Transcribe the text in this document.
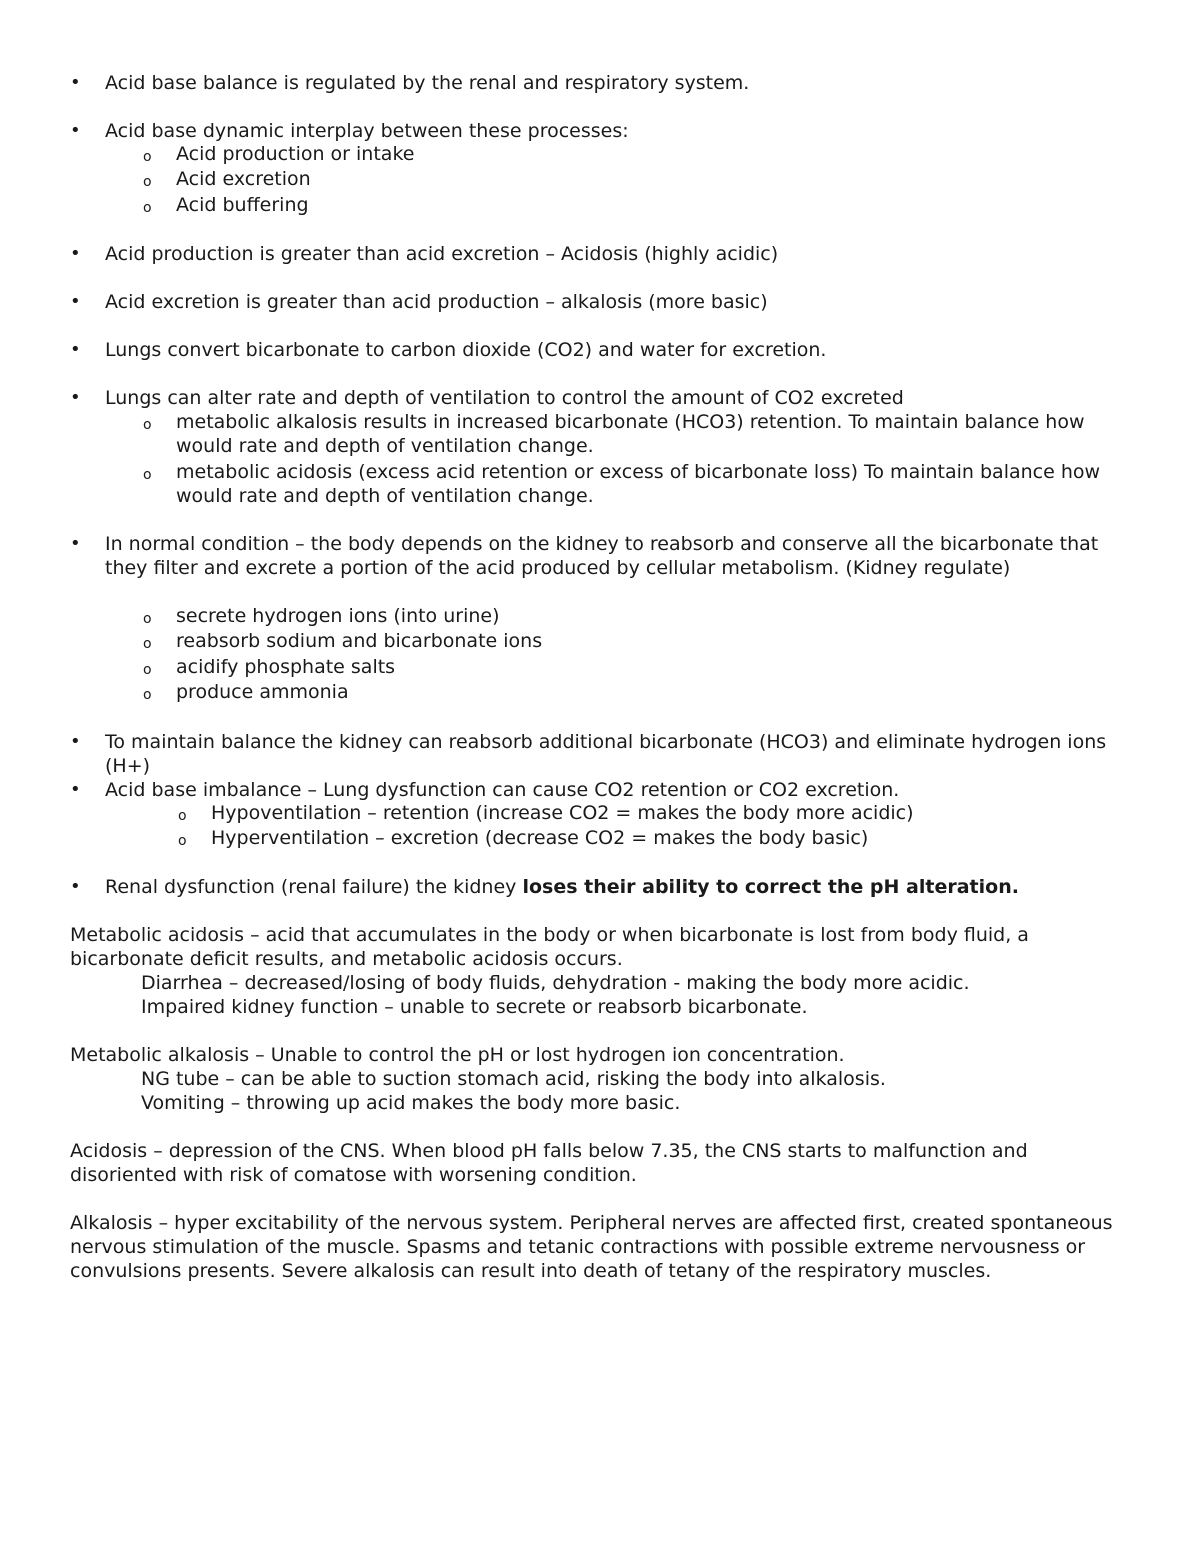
• Acid base balance is regulated by the renal and respiratory system.
• Acid base dynamic interplay between these processes:
o Acid production or intake
o Acid excretion
o Acid buffering
• Acid production is greater than acid excretion – Acidosis (highly acidic)
• Acid excretion is greater than acid production – alkalosis (more basic)
• Lungs convert bicarbonate to carbon dioxide (CO2) and water for excretion.
• Lungs can alter rate and depth of ventilation to control the amount of CO2 excreted
o metabolic alkalosis results in increased bicarbonate (HCO3) retention. To maintain balance how would rate and depth of ventilation change.
o metabolic acidosis (excess acid retention or excess of bicarbonate loss) To maintain balance how would rate and depth of ventilation change.
• In normal condition – the body depends on the kidney to reabsorb and conserve all the bicarbonate that they filter and excrete a portion of the acid produced by cellular metabolism. (Kidney regulate)
o secrete hydrogen ions (into urine)
o reabsorb sodium and bicarbonate ions
o acidify phosphate salts
o produce ammonia
• To maintain balance the kidney can reabsorb additional bicarbonate (HCO3) and eliminate hydrogen ions (H+)
• Acid base imbalance – Lung dysfunction can cause CO2 retention or CO2 excretion.
o Hypoventilation – retention (increase CO2 = makes the body more acidic)
o Hyperventilation – excretion (decrease CO2 = makes the body basic)
• Renal dysfunction (renal failure) the kidney loses their ability to correct the pH alteration.
Metabolic acidosis – acid that accumulates in the body or when bicarbonate is lost from body fluid, a bicarbonate deficit results, and metabolic acidosis occurs.
Diarrhea – decreased/losing of body fluids, dehydration - making the body more acidic.
Impaired kidney function – unable to secrete or reabsorb bicarbonate.
Metabolic alkalosis – Unable to control the pH or lost hydrogen ion concentration.
NG tube – can be able to suction stomach acid, risking the body into alkalosis.
Vomiting – throwing up acid makes the body more basic.
Acidosis – depression of the CNS. When blood pH falls below 7.35, the CNS starts to malfunction and disoriented with risk of comatose with worsening condition.
Alkalosis – hyper excitability of the nervous system. Peripheral nerves are affected first, created spontaneous nervous stimulation of the muscle. Spasms and tetanic contractions with possible extreme nervousness or convulsions presents. Severe alkalosis can result into death of tetany of the respiratory muscles.
